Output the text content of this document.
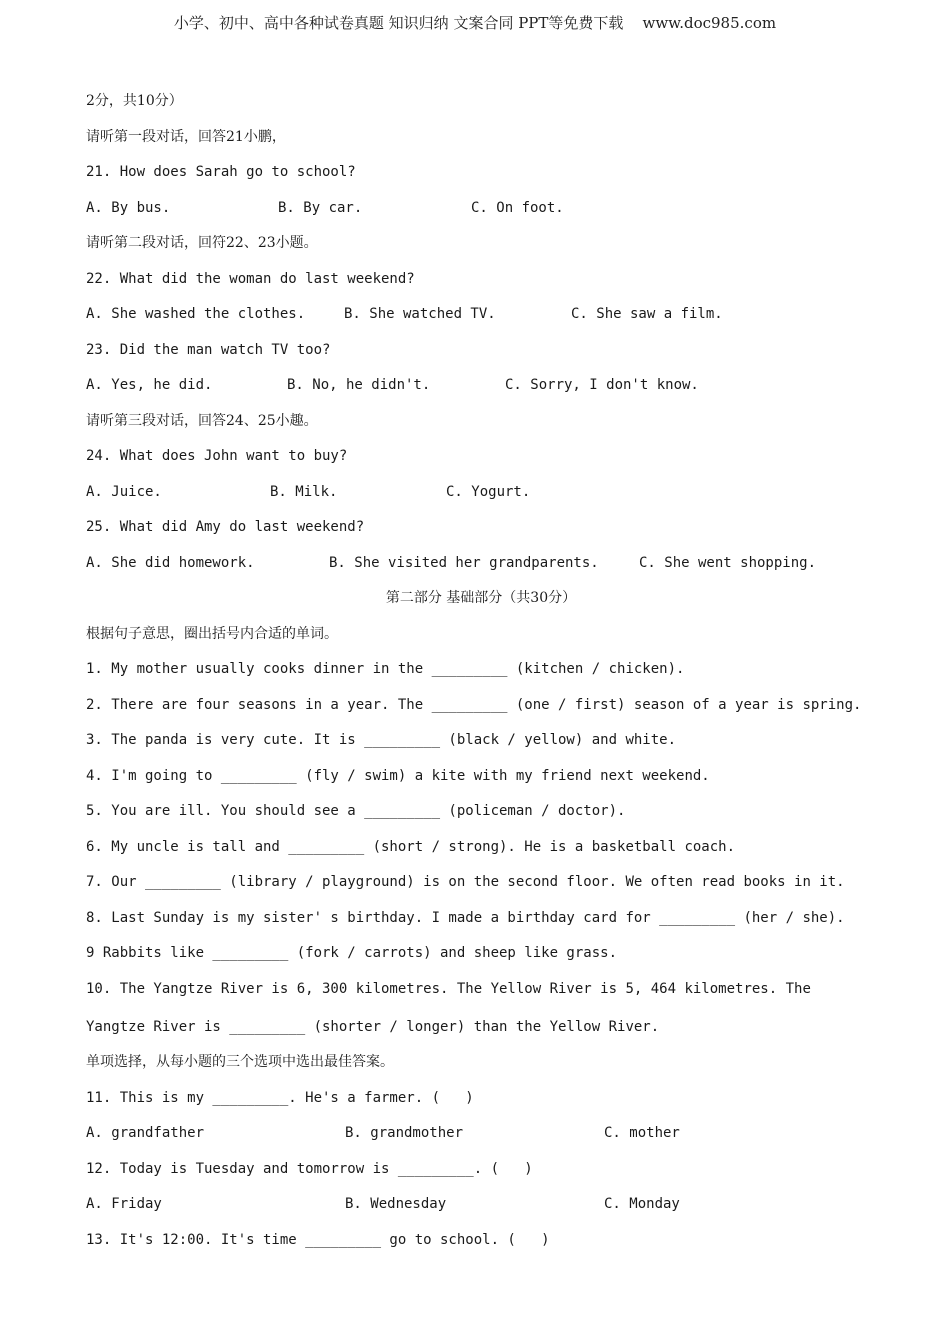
小学、初中、高中各种试卷真题 知识归纳 文案合同 PPT等免费下载    www.doc985.com
2分，共10分）
请听第一段对话，回答21小鹏，
21. How does Sarah go to school?
A. By bus.	B. By car.	C. On foot.
请听第二段对话，回符22、23小题。
22. What did the woman do last weekend?
A. She washed the clothes.	B. She watched TV.	C. She saw a film.
23. Did the man watch TV too?
A. Yes, he did.	B. No, he didn't.	C. Sorry, I don't know.
请听第三段对话，回答24、25小趣。
24. What does John want to buy?
A. Juice.	B. Milk.	C. Yogurt.
25. What did Amy do last weekend?
A. She did homework.	B. She visited her grandparents.	C. She went shopping.
第二部分 基础部分（共30分）
根据句子意思，圈出括号内合适的单词。
1. My mother usually cooks dinner in the _________ (kitchen / chicken).
2. There are four seasons in a year. The _________ (one / first) season of a year is spring.
3. The panda is very cute. It is _________ (black / yellow) and white.
4. I'm going to _________ (fly / swim) a kite with my friend next weekend.
5. You are ill. You should see a _________ (policeman / doctor).
6. My uncle is tall and _________ (short / strong). He is a basketball coach.
7. Our _________ (library / playground) is on the second floor. We often read books in it.
8. Last Sunday is my sister' s birthday. I made a birthday card for _________ (her / she).
9 Rabbits like _________ (fork / carrots) and sheep like grass.
10. The Yangtze River is 6, 300 kilometres. The Yellow River is 5, 464 kilometres. The
Yangtze River is _________ (shorter / longer) than the Yellow River.
单项选择，从每小题的三个选项中选出最佳答案。
11. This is my _________. He's a farmer. (   )
A. grandfather	B. grandmother	C. mother
12. Today is Tuesday and tomorrow is _________. (   )
A. Friday	B. Wednesday	C. Monday
13. It's 12:00. It's time _________ go to school. (   )
